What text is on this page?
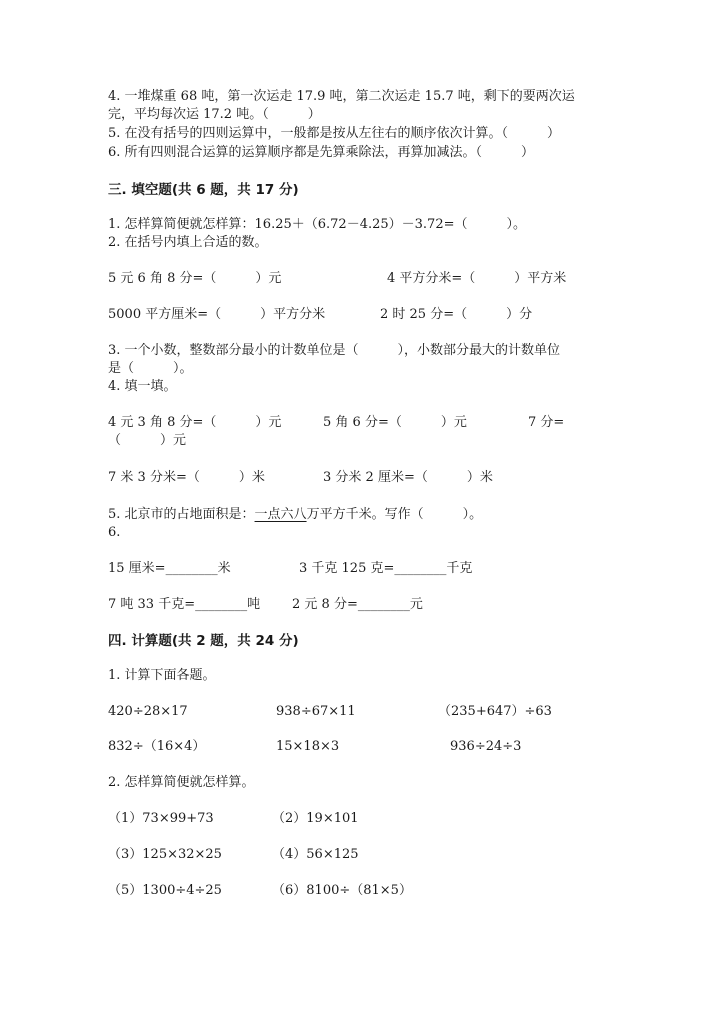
4. 一堆煤重 68 吨，第一次运走 17.9 吨，第二次运走 15.7 吨，剩下的要两次运
完，平均每次运 17.2 吨。（　　　）
5. 在没有括号的四则运算中，一般都是按从左往右的顺序依次计算。（　　　）
6. 所有四则混合运算的运算顺序都是先算乘除法，再算加减法。（　　　）
三. 填空题(共 6 题，共 17 分)
1. 怎样算简便就怎样算：16.25＋（6.72－4.25）－3.72=（　　　）。
2. 在括号内填上合适的数。
5 元 6 角 8 分=（　　　）元	4 平方分米=（　　　）平方米
5000 平方厘米=（　　　）平方分米	2 时 25 分=（　　　）分
3. 一个小数，整数部分最小的计数单位是（　　　），小数部分最大的计数单位
是（　　　）。
4. 填一填。
4 元 3 角 8 分=（　　　）元	5 角 6 分=（　　　）元	7 分=
（　　　）元
7 米 3 分米=（　　　）米	3 分米 2 厘米=（　　　）米
5. 北京市的占地面积是：一点六八万平方千米。写作（　　　）。
6.
15 厘米=________米	3 千克 125 克=________千克
7 吨 33 千克=________吨 2 元 8 分=________元
四. 计算题(共 2 题，共 24 分)
1. 计算下面各题。
420÷28×17	938÷67×11	（235+647）÷63
832÷（16×4）	15×18×3	936÷24÷3
2. 怎样算简便就怎样算。
（1）73×99+73	（2）19×101
（3）125×32×25	（4）56×125
（5）1300÷4÷25	（6）8100÷（81×5）
